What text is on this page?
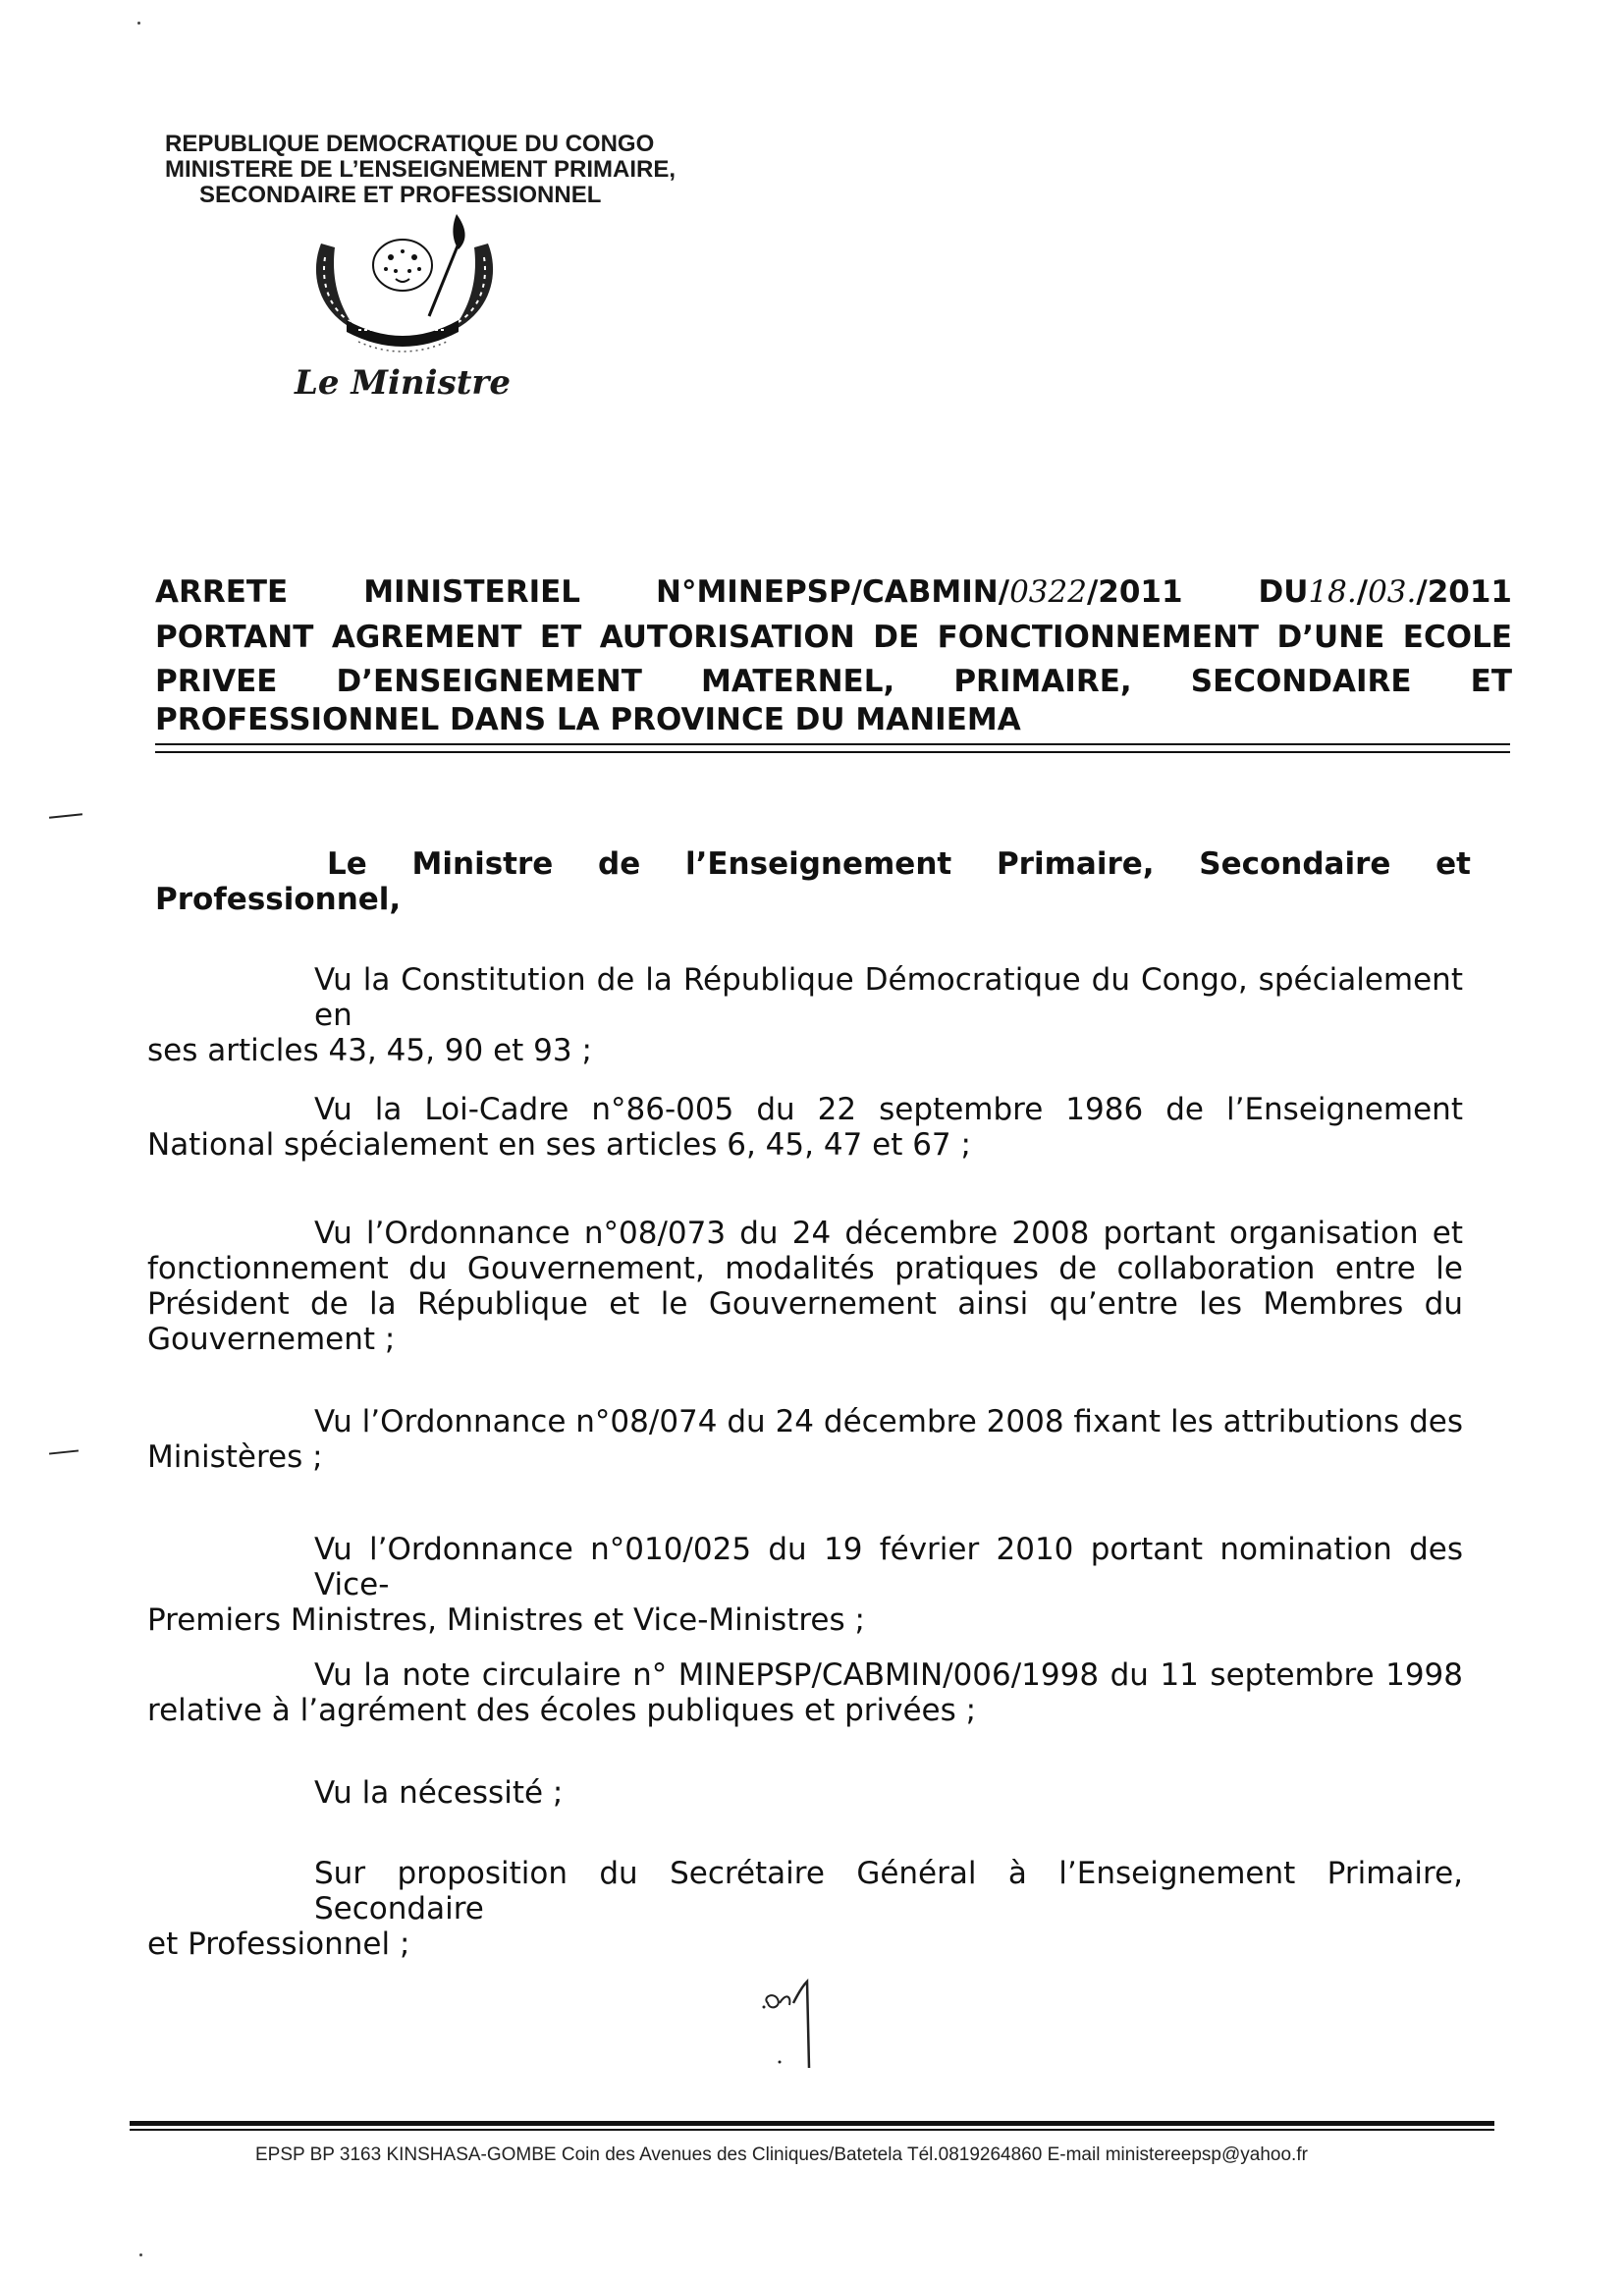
REPUBLIQUE DEMOCRATIQUE DU CONGO
MINISTERE DE L’ENSEIGNEMENT PRIMAIRE,
SECONDAIRE ET PROFESSIONNEL
Le Ministre
ARRETE MINISTERIEL N°MINEPSP/CABMIN/0322/2011 DU18./03./2011
PORTANT AGREMENT ET AUTORISATION DE FONCTIONNEMENT D’UNE ECOLE
PRIVEE D’ENSEIGNEMENT MATERNEL, PRIMAIRE, SECONDAIRE ET
PROFESSIONNEL DANS LA PROVINCE DU MANIEMA
Le Ministre de l’Enseignement Primaire, Secondaire et
Professionnel,
Vu la Constitution de la République Démocratique du Congo, spécialement en
ses articles 43, 45, 90 et 93 ;
Vu la Loi-Cadre n°86-005 du 22 septembre 1986 de l’Enseignement
National spécialement en ses articles 6, 45, 47 et 67 ;
Vu l’Ordonnance n°08/073 du 24 décembre 2008 portant organisation et
fonctionnement du Gouvernement, modalités pratiques de collaboration entre le Président de la République et le Gouvernement ainsi qu’entre les Membres du Gouvernement ;
Vu l’Ordonnance n°08/074 du 24 décembre 2008 fixant les attributions des
Ministères ;
Vu l’Ordonnance n°010/025 du 19 février 2010 portant nomination des Vice-
Premiers Ministres, Ministres et Vice-Ministres ;
Vu la note circulaire n° MINEPSP/CABMIN/006/1998 du 11 septembre 1998
relative à l’agrément des écoles publiques et privées ;
Vu la nécessité ;
Sur proposition du Secrétaire Général à l’Enseignement Primaire, Secondaire
et Professionnel ;
EPSP BP 3163 KINSHASA-GOMBE Coin des Avenues des Cliniques/Batetela Tél.0819264860 E-mail ministereepsp@yahoo.fr
